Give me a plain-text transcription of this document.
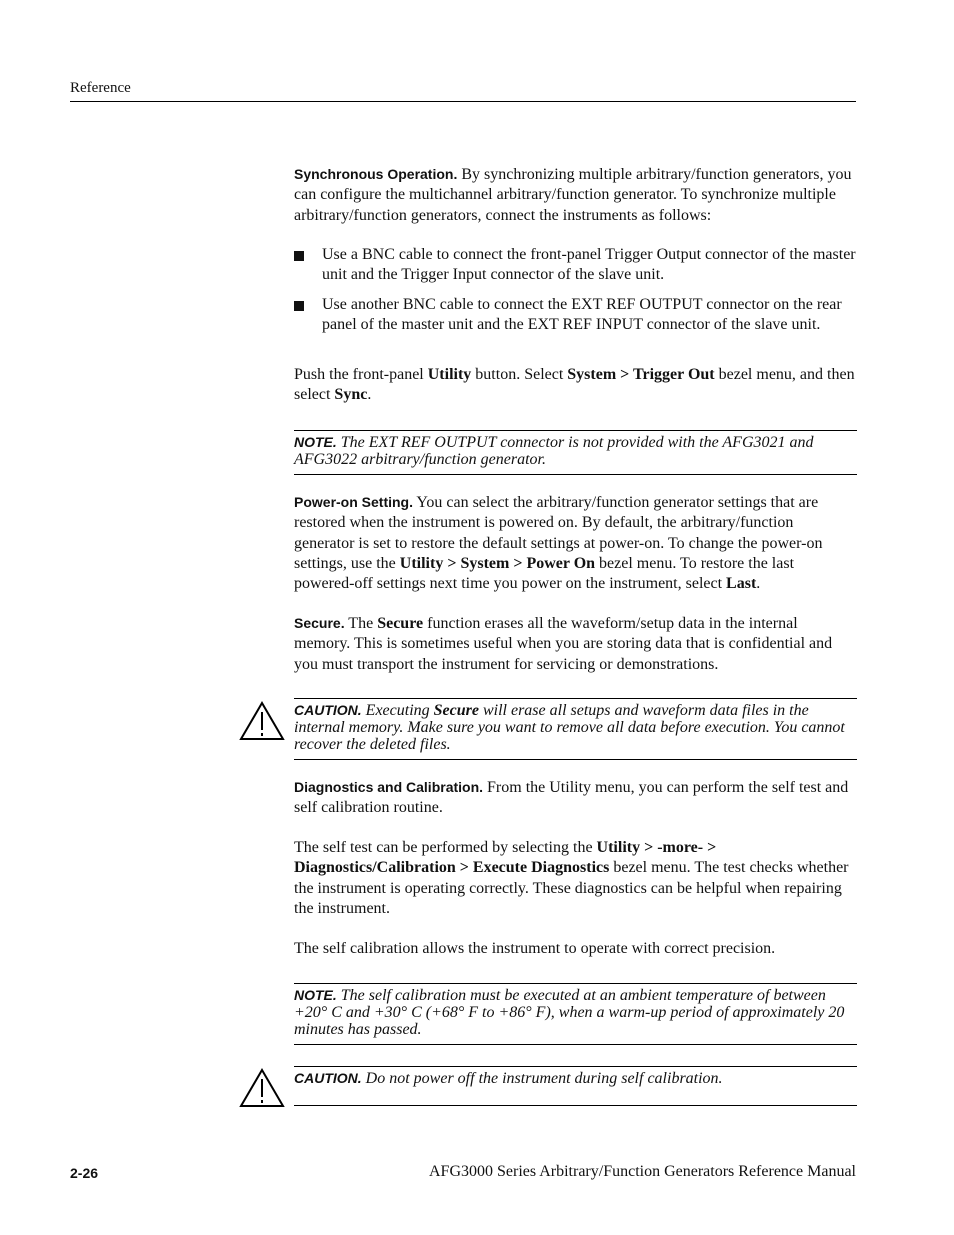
Reference

Synchronous Operation. By synchronizing multiple arbitrary/function generators, you can configure the multichannel arbitrary/function generator. To synchronize multiple arbitrary/function generators, connect the instruments as follows:

Use a BNC cable to connect the front-panel Trigger Output connector of the master unit and the Trigger Input connector of the slave unit.
Use another BNC cable to connect the EXT REF OUTPUT connector on the rear panel of the master unit and the EXT REF INPUT connector of the slave unit.

Push the front-panel Utility button. Select System > Trigger Out bezel menu, and then select Sync.

NOTE. The EXT REF OUTPUT connector is not provided with the AFG3021 and AFG3022 arbitrary/function generator.

Power-on Setting. You can select the arbitrary/function generator settings that are restored when the instrument is powered on. By default, the arbitrary/function generator is set to restore the default settings at power-on. To change the power-on settings, use the Utility > System > Power On bezel menu. To restore the last powered-off settings next time you power on the instrument, select Last.

Secure. The Secure function erases all the waveform/setup data in the internal memory. This is sometimes useful when you are storing data that is confidential and you must transport the instrument for servicing or demonstrations.

CAUTION. Executing Secure will erase all setups and waveform data files in the internal memory. Make sure you want to remove all data before execution. You cannot recover the deleted files.

Diagnostics and Calibration. From the Utility menu, you can perform the self test and self calibration routine.

The self test can be performed by selecting the Utility > -more- > Diagnostics/Calibration > Execute Diagnostics bezel menu. The test checks whether the instrument is operating correctly. These diagnostics can be helpful when repairing the instrument.

The self calibration allows the instrument to operate with correct precision.

NOTE. The self calibration must be executed at an ambient temperature of between +20° C and +30° C (+68° F to +86° F), when a warm-up period of approximately 20 minutes has passed.
CAUTION. Do not power off the instrument during self calibration.
2-26	AFG3000 Series Arbitrary/Function Generators Reference Manual
